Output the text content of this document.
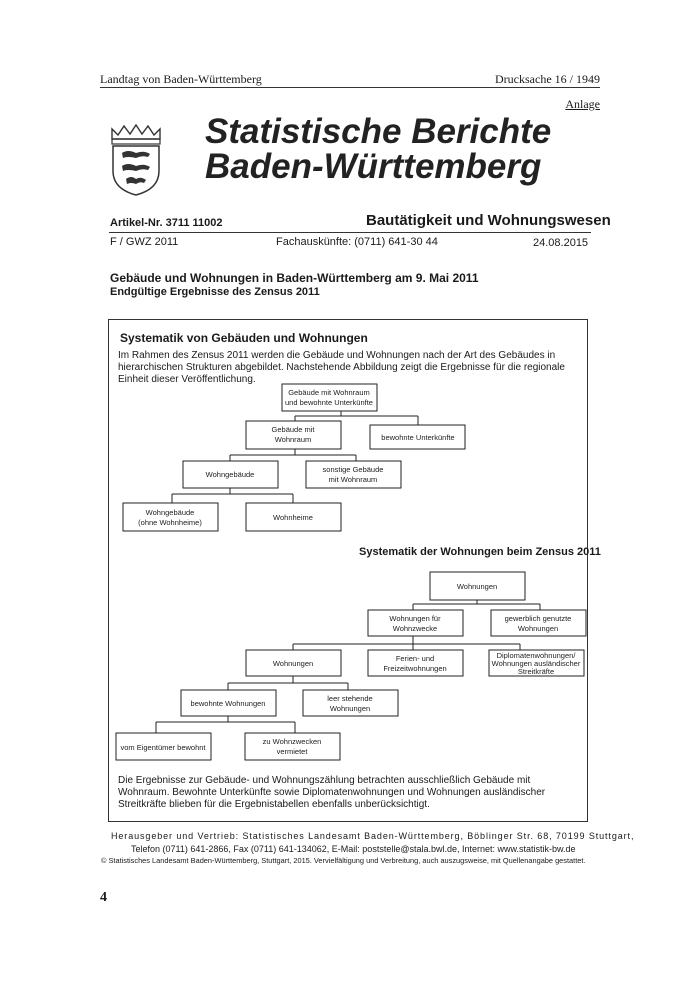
Landtag von Baden-Württemberg	Drucksache 16 / 1949
Anlage
Statistische Berichte
Baden-Württemberg
Artikel-Nr. 3711 11002	Bautätigkeit und Wohnungswesen
F / GWZ 2011	Fachauskünfte: (0711) 641-30 44	24.08.2015
Gebäude und Wohnungen in Baden-Württemberg am 9. Mai 2011
Endgültige Ergebnisse des Zensus 2011
Systematik von Gebäuden und Wohnungen
Im Rahmen des Zensus 2011 werden die Gebäude und Wohnungen nach der Art des Gebäudes in hierarchischen Strukturen abgebildet. Nachstehende Abbildung zeigt die Ergebnisse für die regionale Einheit dieser Veröffentlichung.
Gebäude mit Wohnraum
und bewohnte Unterkünfte
Gebäude mit
Wohnraum	bewohnte Unterkünfte
Wohngebäude
sonstige Gebäude
mit Wohnraum
Wohngebäude
(ohne Wohnheime)
Wohnheime
Wohnungen
Wohnungen für
Wohnzwecke
gewerblich genutzte
Wohnungen
Wohnungen
Ferien- und
Freizeitwohnungen
Diplomatenwohnungen/
Wohnungen ausländischer
Streitkräfte
bewohnte Wohnungen
leer stehende
Wohnungen
vom Eigentümer bewohnt
zu Wohnzwecken
vermietet
Systematik der Wohnungen beim Zensus 2011
Die Ergebnisse zur Gebäude- und Wohnungszählung betrachten ausschließlich Gebäude mit Wohnraum. Bewohnte Unterkünfte sowie Diplomatenwohnungen und Wohnungen ausländischer Streitkräfte blieben für die Ergebnistabellen ebenfalls unberücksichtigt.
Herausgeber und Vertrieb: Statistisches Landesamt Baden-Württemberg, Böblinger Str. 68, 70199 Stuttgart,
Telefon (0711) 641-2866, Fax (0711) 641-134062, E-Mail: poststelle@stala.bwl.de, Internet: www.statistik-bw.de
© Statistisches Landesamt Baden-Württemberg, Stuttgart, 2015. Vervielfältigung und Verbreitung, auch auszugsweise, mit Quellenangabe gestattet.
4
